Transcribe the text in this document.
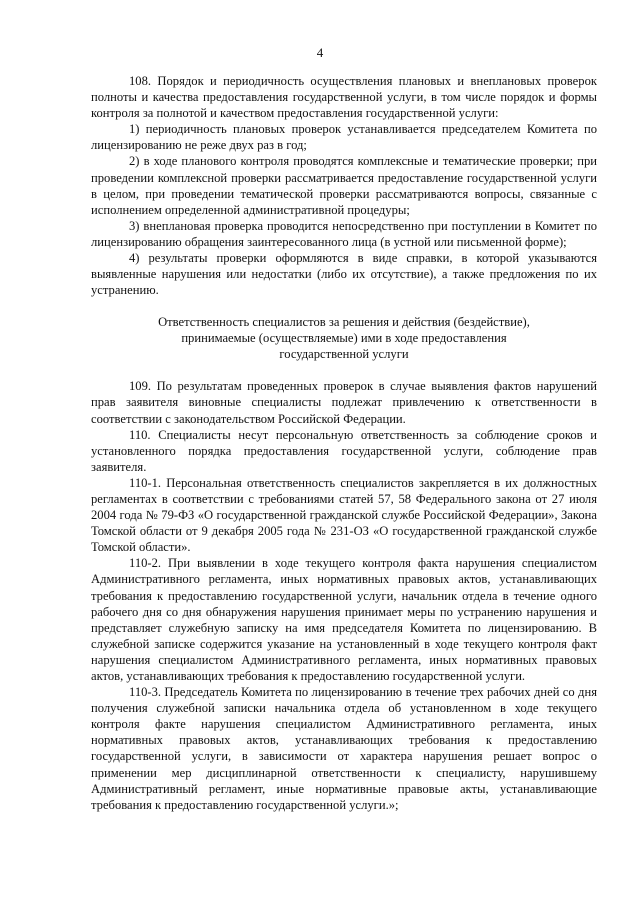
4

108. Порядок и периодичность осуществления плановых и внеплановых проверок полноты и качества предоставления государственной услуги, в том числе порядок и формы контроля за полнотой и качеством предоставления государственной услуги:

1) периодичность плановых проверок устанавливается председателем Комитета по лицензированию не реже двух раз в год;

2) в ходе планового контроля проводятся комплексные и тематические проверки; при проведении комплексной проверки рассматривается предоставление государственной услуги в целом, при проведении тематической проверки рассматриваются вопросы, связанные с исполнением определенной административной процедуры;

3) внеплановая проверка проводится непосредственно при поступлении в Комитет по лицензированию обращения заинтересованного лица (в устной или письменной форме);

4) результаты проверки оформляются в виде справки, в которой указываются выявленные нарушения или недостатки (либо их отсутствие), а также предложения по их устранению.

Ответственность специалистов за решения и действия (бездействие),
принимаемые (осуществляемые) ими в ходе предоставления
государственной услуги

109. По результатам проведенных проверок в случае выявления фактов нарушений прав заявителя виновные специалисты подлежат привлечению к ответственности в соответствии с законодательством Российской Федерации.

110. Специалисты несут персональную ответственность за соблюдение сроков и установленного порядка предоставления государственной услуги, соблюдение прав заявителя.

110-1. Персональная ответственность специалистов закрепляется в их должностных регламентах в соответствии с требованиями статей 57, 58 Федерального закона от 27 июля 2004 года № 79-ФЗ «О государственной гражданской службе Российской Федерации», Закона Томской области от 9 декабря 2005 года № 231-ОЗ «О государственной гражданской службе Томской области».

110-2. При выявлении в ходе текущего контроля факта нарушения специалистом Административного регламента, иных нормативных правовых актов, устанавливающих требования к предоставлению государственной услуги, начальник отдела в течение одного рабочего дня со дня обнаружения нарушения принимает меры по устранению нарушения и представляет служебную записку на имя председателя Комитета по лицензированию. В служебной записке содержится указание на установленный в ходе текущего контроля факт нарушения специалистом Административного регламента, иных нормативных правовых актов, устанавливающих требования к предоставлению государственной услуги.

110-3. Председатель Комитета по лицензированию в течение трех рабочих дней со дня получения служебной записки начальника отдела об установленном в ходе текущего контроля факте нарушения специалистом Административного регламента, иных нормативных правовых актов, устанавливающих требования к предоставлению государственной услуги, в зависимости от характера нарушения решает вопрос о применении мер дисциплинарной ответственности к специалисту, нарушившему Административный регламент, иные нормативные правовые акты, устанавливающие требования к предоставлению государственной услуги.»;
